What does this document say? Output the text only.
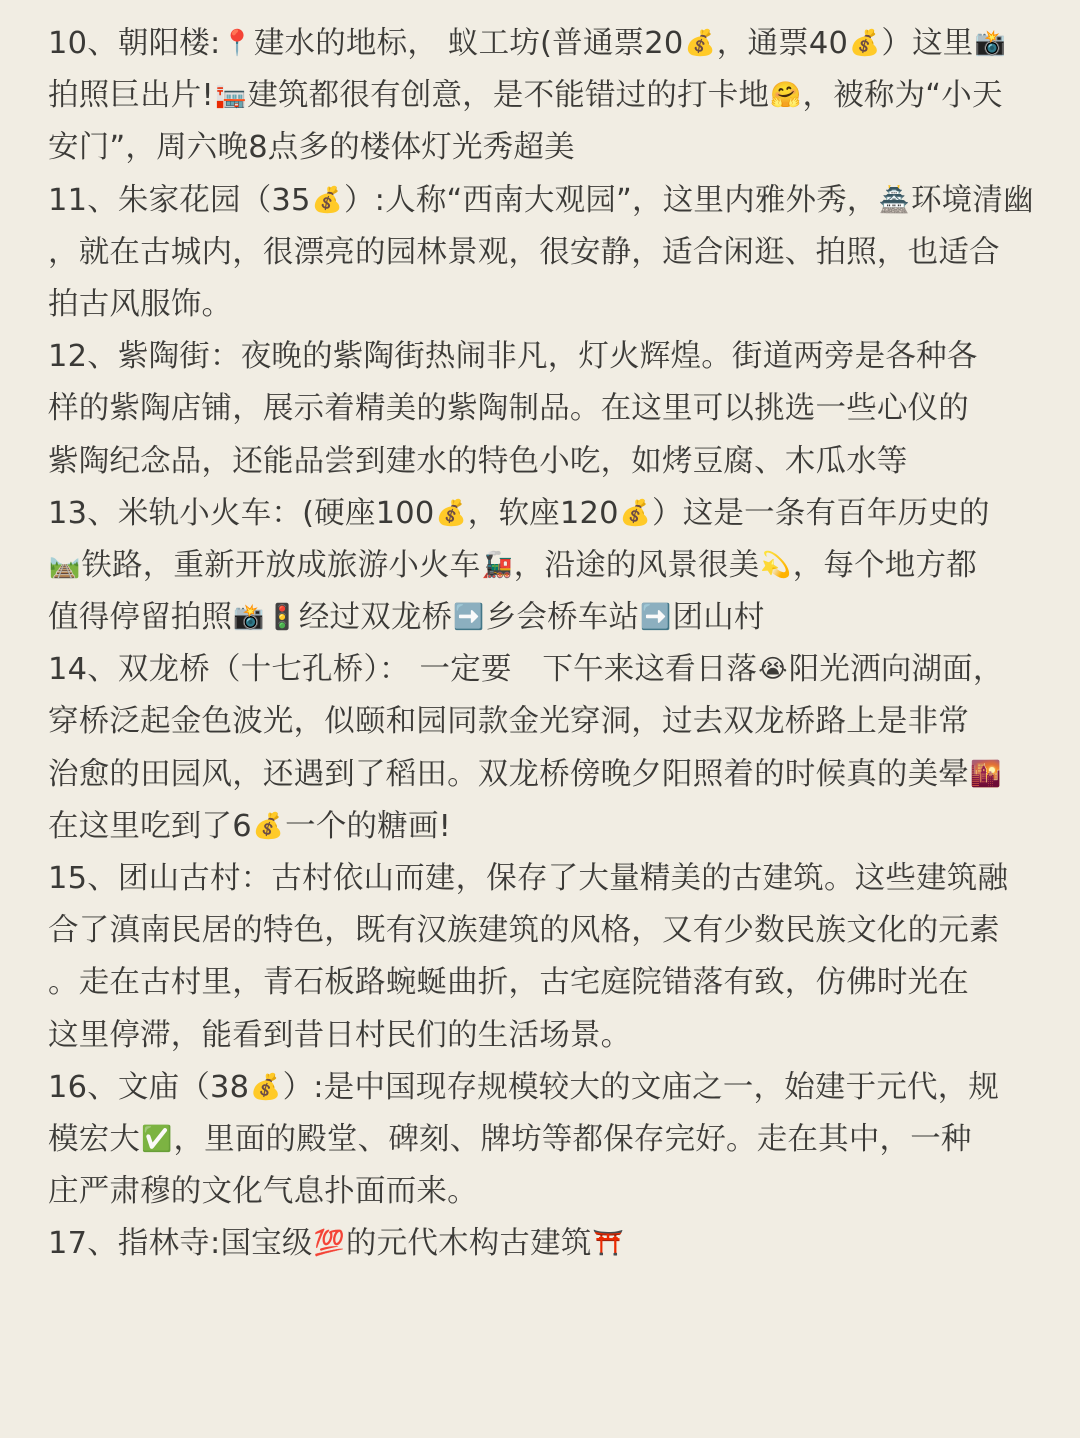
10、朝阳楼:📍建水的地标， 蚁工坊(普通票20💰，通票40💰）这里📸
拍照巨出片!🏣建筑都很有创意，是不能错过的打卡地🤗，被称为“小天
安门”，周六晚8点多的楼体灯光秀超美
11、朱家花园（35💰）:人称“西南大观园”，这里内雅外秀，🏯环境清幽
，就在古城内，很漂亮的园林景观，很安静，适合闲逛、拍照，也适合
拍古风服饰。
12、紫陶街：夜晚的紫陶街热闹非凡，灯火辉煌。街道两旁是各种各
样的紫陶店铺，展示着精美的紫陶制品。在这里可以挑选一些心仪的
紫陶纪念品，还能品尝到建水的特色小吃，如烤豆腐、木瓜水等
13、米轨小火车：(硬座100💰，软座120💰）这是一条有百年历史的
🛤️铁路，重新开放成旅游小火车🚂，沿途的风景很美💫，每个地方都
值得停留拍照📸🚦经过双龙桥➡️乡会桥车站➡️团山村
14、双龙桥（十七孔桥）： 一定要　下午来这看日落😭阳光洒向湖面，
穿桥泛起金色波光，似颐和园同款金光穿洞，过去双龙桥路上是非常
治愈的田园风，还遇到了稻田。双龙桥傍晚夕阳照着的时候真的美晕🌇
在这里吃到了6💰一个的糖画!
15、团山古村：古村依山而建，保存了大量精美的古建筑。这些建筑融
合了滇南民居的特色，既有汉族建筑的风格，又有少数民族文化的元素
。走在古村里，青石板路蜿蜒曲折，古宅庭院错落有致，仿佛时光在
这里停滞，能看到昔日村民们的生活场景。
16、文庙（38💰）:是中国现存规模较大的文庙之一，始建于元代，规
模宏大✅，里面的殿堂、碑刻、牌坊等都保存完好。走在其中，一种
庄严肃穆的文化气息扑面而来。
17、指林寺:国宝级💯的元代木构古建筑⛩️
